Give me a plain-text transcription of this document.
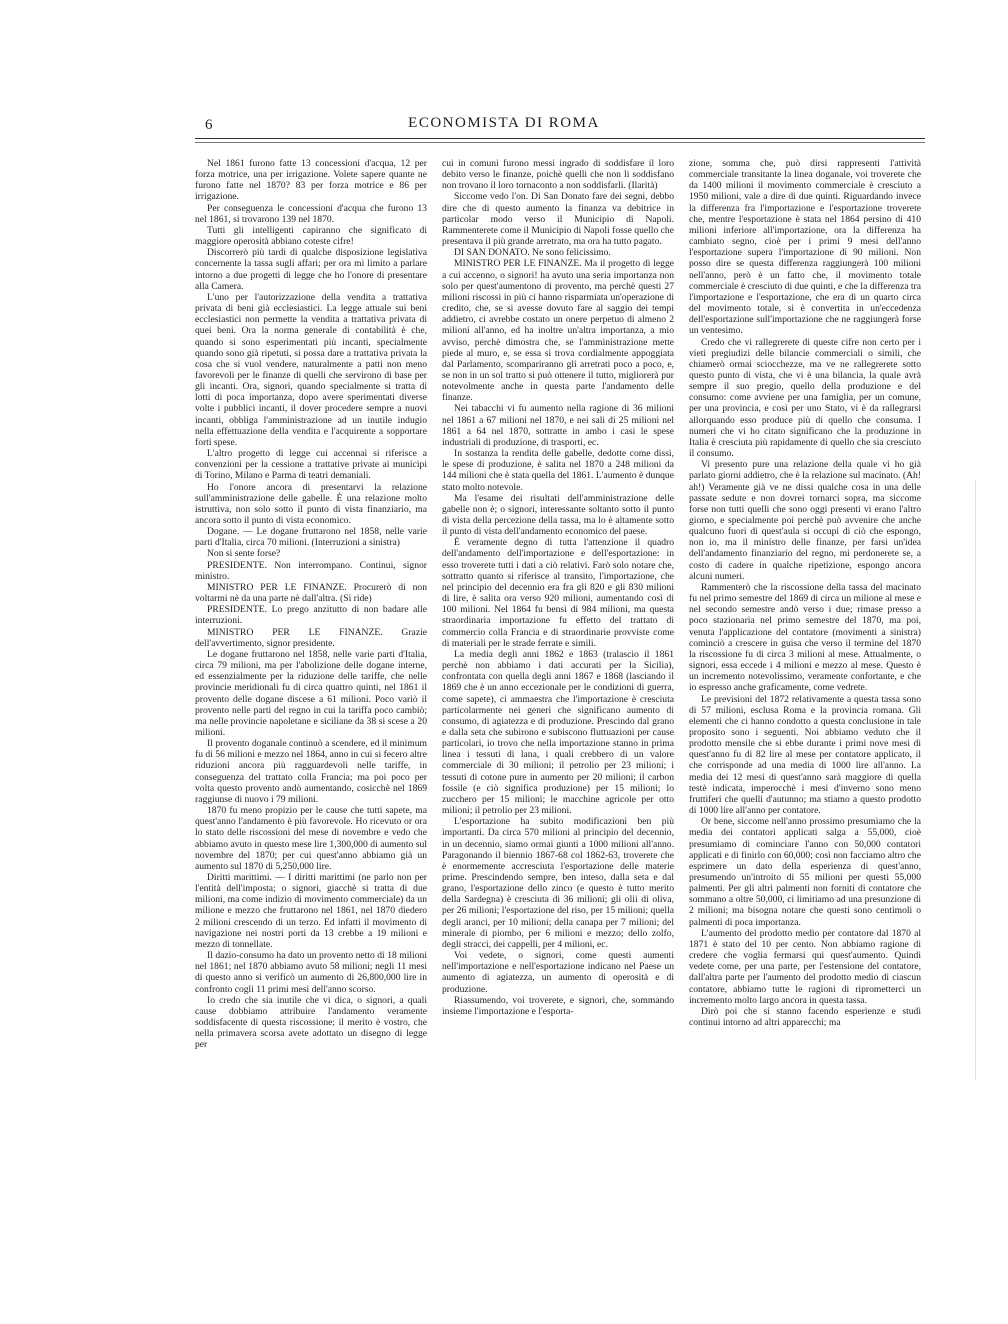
6	ECONOMISTA DI ROMA

Nel 1861 furono fatte 13 concessioni d'acqua, 12 per forza motrice, una per irrigazione. Volete sapere quante ne furono fatte nel 1870? 83 per forza motrice e 86 per irrigazione.

Per conseguenza le concessioni d'acqua che furono 13 nel 1861, si trovarono 139 nel 1870.

Tutti gli intelligenti capiranno che significato di maggiore operosità abbiano coteste cifre!

Discorrerò più tardi di qualche disposizione legislativa concernente la tassa sugli affari; per ora mi limito a parlare intorno a due progetti di legge che ho l'onore di presentare alla Camera.

L'uno per l'autorizzazione della vendita a trattativa privata di beni già ecclesiastici. La legge attuale sui beni ecclesiastici non permette la vendita a trattativa privata di quei beni. Ora la norma generale di contabilità è che, quando si sono esperimentati più incanti, specialmente quando sono già ripetuti, si possa dare a trattativa privata la cosa che si vuol vendere, naturalmente a patti non meno favorevoli per le finanze di quelli che servirono di base per gli incanti. Ora, signori, quando specialmente si tratta di lotti di poca importanza, dopo avere sperimentati diverse volte i pubblici incanti, il dover procedere sempre a nuovi incanti, obbliga l'amministrazione ad un inutile indugio nella effettuazione della vendita e l'acquirente a sopportare forti spese.

L'altro progetto di legge cui accennai si riferisce a convenzioni per la cessione a trattative private ai municipi di Torino, Milano e Parma di teatri demaniali.

Ho l'onore ancora di presentarvi la relazione sull'amministrazione delle gabelle. È una relazione molto istruttiva, non solo sotto il punto di vista finanziario, ma ancora sotto il punto di vista economico.

Dogane. — Le dogane fruttarono nel 1858, nelle varie parti d'Italia, circa 70 milioni. (Interruzioni a sinistra)

Non si sente forse?

PRESIDENTE. Non interrompano. Continui, signor ministro.

MINISTRO PER LE FINANZE. Procurerò di non voltarmi nè da una parte nè dall'altra. (Si ride)

PRESIDENTE. Lo prego anzitutto di non badare alle interruzioni.

MINISTRO PER LE FINANZE. Grazie dell'avvertimento, signor presidente.

Le dogane fruttarono nel 1858, nelle varie parti d'Italia, circa 79 milioni, ma per l'abolizione delle dogane interne, ed essenzialmente per la riduzione delle tariffe, che nelle provincie meridionali fu di circa quattro quinti, nel 1861 il provento delle dogane discese a 61 milioni. Poco variò il provento nelle parti del regno in cui la tariffa poco cambiò; ma nelle provincie napoletane e siciliane da 38 si scese a 20 milioni.

Il provento doganale continuò a scendere, ed il minimum fu di 56 milioni e mezzo nel 1864, anno in cui si fecero altre riduzioni ancora più ragguardevoli nelle tariffe, in conseguenza del trattato colla Francia; ma poi poco per volta questo provento andò aumentando, cosicchè nel 1869 raggiunse di nuovo i 79 milioni.

1870 fu meno propizio per le cause che tutti sapete, ma quest'anno l'andamento è più favorevole. Ho ricevuto or ora lo stato delle riscossioni del mese di novembre e vedo che abbiamo avuto in questo mese lire 1,300,000 di aumento sul novembre del 1870; per cui quest'anno abbiamo già un aumento sul 1870 di 5,250,000 lire.

Diritti marittimi. — I diritti marittimi (ne parlo non per l'entità dell'imposta; o signori, giacchè si tratta di due milioni, ma come indizio di movimento commerciale) da un milione e mezzo che fruttarono nel 1861, nel 1870 diedero 2 milioni crescendo di un terzo. Ed infatti il movimento di navigazione nei nostri porti da 13 crebbe a 19 milioni e mezzo di tonnellate.

Il dazio-consumo ha dato un provento netto di 18 milioni nel 1861; nel 1870 abbiamo avuto 58 milioni; negli 11 mesi di questo anno si verificò un aumento di 26,800,000 lire in confronto cogli 11 primi mesi dell'anno scorso.

Io credo che sia inutile che vi dica, o signori, a quali cause dobbiamo attribuire l'andamento veramente soddisfacente di questa riscossione; il merito è vostro, che nella primavera scorsa avete adottato un disegno di legge per

cui in comuni furono messi ingrado di soddisfare il loro debito verso le finanze, poichè quelli che non li soddisfano non trovano il loro tornaconto a non soddisfarli. (Ilarità)

Siccome vedo l'on. Di San Donato fare dei segni, debbo dire che di questo aumento la finanza va debitrice in particolar modo verso il Municipio di Napoli. Rammenterete come il Municipio di Napoli fosse quello che presentava il più grande arretrato, ma ora ha tutto pagato.

DI SAN DONATO. Ne sono felicissimo.

MINISTRO PER LE FINANZE. Ma il progetto di legge a cui accenno, o signori! ha avuto una seria importanza non solo per quest'aumentono di provento, ma perchè questi 27 milioni riscossi in più ci hanno risparmiata un'operazione di credito, che, se si avesse dovuto fare al saggio dei tempi addietro, ci avrebbe costato un onere perpetuo di almeno 2 milioni all'anno, ed ha inoltre un'altra importanza, a mio avviso, perchè dimostra che, se l'amministrazione mette piede al muro, e, se essa si trova cordialmente appoggiata dal Parlamento, scompariranno gli arretrati poco a poco, e, se non in un sol tratto si può ottenere il tutto, migliorerà pur notevolmente anche in questa parte l'andamento delle finanze.

Nei tabacchi vi fu aumento nella ragione di 36 milioni nel 1861 a 67 milioni nel 1870, e nei sali di 25 milioni nel 1861 a 64 nel 1870, sottratte in ambo i casi le spese industriali di produzione, di trasporti, ec.

In sostanza la rendita delle gabelle, dedotte come dissi, le spese di produzione, è salita nel 1870 a 248 milioni da 144 milioni che è stata quella del 1861. L'aumento è dunque stato molto notevole.

Ma l'esame dei risultati dell'amministrazione delle gabelle non è; o signori, interessante soltanto sotto il punto di vista della percezione della tassa, ma lo è altamente sotto il punto di vista dell'andamento economico del paese.

È veramente degno di tutta l'attenzione il quadro dell'andamento dell'importazione e dell'esportazione: in esso troverete tutti i dati a ciò relativi. Farò solo notare che, sottratto quanto si riferisce al transito, l'importazione, che nel principio del decennio era fra gli 820 e gli 830 milioni di lire, è salita ora verso 920 milioni, aumentando così di 100 milioni. Nel 1864 fu bensì di 984 milioni, ma questa straordinaria importazione fu effetto del trattato di commercio colla Francia e di straordinarie provviste come di materiali per le strade ferrate e simili.

La media degli anni 1862 e 1863 (tralascio il 1861 perchè non abbiamo i dati accurati per la Sicilia), confrontata con quella degli anni 1867 e 1868 (lasciando il 1869 che è un anno eccezionale per le condizioni di guerra, come sapete), ci ammaestra che l'importazione è cresciuta particolarmente nei generi che significano aumento di consumo, di agiatezza e di produzione. Prescindo dal grano e dalla seta che subirono e subiscono fluttuazioni per cause particolari, io trovo che nella importazione stanno in prima linea i tessuti di lana, i quali crebbero di un valore commerciale di 30 milioni; il petrolio per 23 milioni; i tessuti di cotone pure in aumento per 20 milioni; il carbon fossile (e ciò significa produzione) per 15 milioni; lo zucchero per 15 milioni; le macchine agricole per otto milioni; il petrolio per 23 milioni.

L'esportazione ha subito modificazioni ben più importanti. Da circa 570 milioni al principio del decennio, in un decennio, siamo ormai giunti a 1000 milioni all'anno. Paragonando il biennio 1867-68 col 1862-63, troverete che è enormemente accresciuta l'esportazione delle materie prime. Prescindendo sempre, ben inteso, dalla seta e dal grano, l'esportazione dello zinco (e questo è tutto merito della Sardegna) è cresciuta di 36 milioni; gli olii di oliva, per 26 milioni; l'esportazione del riso, per 15 milioni; quella degli aranci, per 10 milioni; della canapa per 7 milioni; del minerale di piombo, per 6 milioni e mezzo; dello zolfo, degli stracci, dei cappelli, per 4 milioni, ec.

Voi vedete, o signori, come questi aumenti nell'importazione e nell'esportazione indicano nel Paese un aumento di agiatezza, un aumento di operosità e di produzione.

Riassumendo, voi troverete, e signori, che, sommando insieme l'importazione e l'esporta-

zione, somma che, può dirsi rappresenti l'attività commerciale transitante la linea doganale, voi troverete che da 1400 milioni il movimento commerciale è cresciuto a 1950 milioni, vale a dire di due quinti. Riguardando invece la differenza fra l'importazione e l'esportazione troverete che, mentre l'esportazione è stata nel 1864 persino di 410 milioni inferiore all'importazione, ora la differenza ha cambiato segno, cioè per i primi 9 mesi dell'anno l'esportazione supera l'importazione di 90 milioni. Non posso dire se questa differenza raggiungerà 100 milioni nell'anno, però è un fatto che, il movimento totale commerciale è cresciuto di due quinti, e che la differenza tra l'importazione e l'esportazione, che era di un quarto circa del movimento totale, si è convertita in un'eccedenza dell'esportazione sull'importazione che ne raggiungerà forse un ventesimo.

Credo che vi rallegrerete di queste cifre non certo per i vieti pregiudizi delle bilancie commerciali o simili, che chiamerò ormai sciocchezze, ma ve ne rallegrerete sotto questo punto di vista, che vi è una bilancia, la quale avrà sempre il suo pregio, quello della produzione e del consumo: come avviene per una famiglia, per un comune, per una provincia, e così per uno Stato, vi è da rallegrarsi allorquando esso produce più di quello che consuma. I numeri che vi ho citato significano che la produzione in Italia è cresciuta più rapidamente di quello che sia cresciuto il consumo.

Vi presento pure una relazione della quale vi ho già parlato giorni addietro, che è la relazione sul macinato. (Ah! ah!) Veramente già ve ne dissi qualche cosa in una delle passate sedute e non dovrei tornarci sopra, ma siccome forse non tutti quelli che sono oggi presenti vi erano l'altro giorno, e specialmente poi perchè può avvenire che anche qualcuno fuori di quest'aula si occupi di ciò che espongo, non io, ma il ministro delle finanze, per farsi un'idea dell'andamento finanziario del regno, mi perdonerete se, a costo di cadere in qualche ripetizione, espongo ancora alcuni numeri.

Rammenterò che la riscossione della tassa del macinato fu nel primo semestre del 1869 di circa un milione al mese e nel secondo semestre andò verso i due; rimase presso a poco stazionaria nel primo semestre del 1870, ma poi, venuta l'applicazione del contatore (movimenti a sinistra) cominciò a crescere in guisa che verso il termine del 1870 la riscossione fu di circa 3 milioni al mese. Attualmente, o signori, essa eccede i 4 milioni e mezzo al mese. Questo è un incremento notevolissimo, veramente confortante, e che io espresso anche graficamente, come vedrete.

Le previsioni del 1872 relativamente a questa tassa sono di 57 milioni, esclusa Roma e la provincia romana. Gli elementi che ci hanno condotto a questa conclusione in tale proposito sono i seguenti. Noi abbiamo veduto che il prodotto mensile che si ebbe durante i primi nove mesi di quest'anno fu di 82 lire al mese per contatore applicato, il che corrisponde ad una media di 1000 lire all'anno. La media dei 12 mesi di quest'anno sarà maggiore di quella testè indicata, imperocchè i mesi d'inverno sono meno fruttiferi che quelli d'autunno; ma stiamo a questo prodotto di 1000 lire all'anno per contatore.

Or bene, siccome nell'anno prossimo presumiamo che la media dei contatori applicati salga a 55,000, cioè presumiamo di cominciare l'anno con 50,000 contatori applicati e di finirlo con 60,000; così non facciamo altro che esprimere un dato della esperienza di quest'anno, presumendo un'introito di 55 milioni per questi 55,000 palmenti. Per gli altri palmenti non forniti di contatore che sommano a oltre 50,000, ci limitiamo ad una presunzione di 2 milioni; ma bisogna notare che questi sono centimoli o palmenti di poca importanza.

L'aumento del prodotto medio per contatore dal 1870 al 1871 è stato del 10 per cento. Non abbiamo ragione di credere che voglia fermarsi qui quest'aumento. Quindi vedete come, per una parte, per l'estensione del contatore, dall'altra parte per l'aumento del prodotto medio di ciascun contatore, abbiamo tutte le ragioni di riprometterci un incremento molto largo ancora in questa tassa.

Dirò poi che si stanno facendo esperienze e studi continui intorno ad altri apparecchi; ma
